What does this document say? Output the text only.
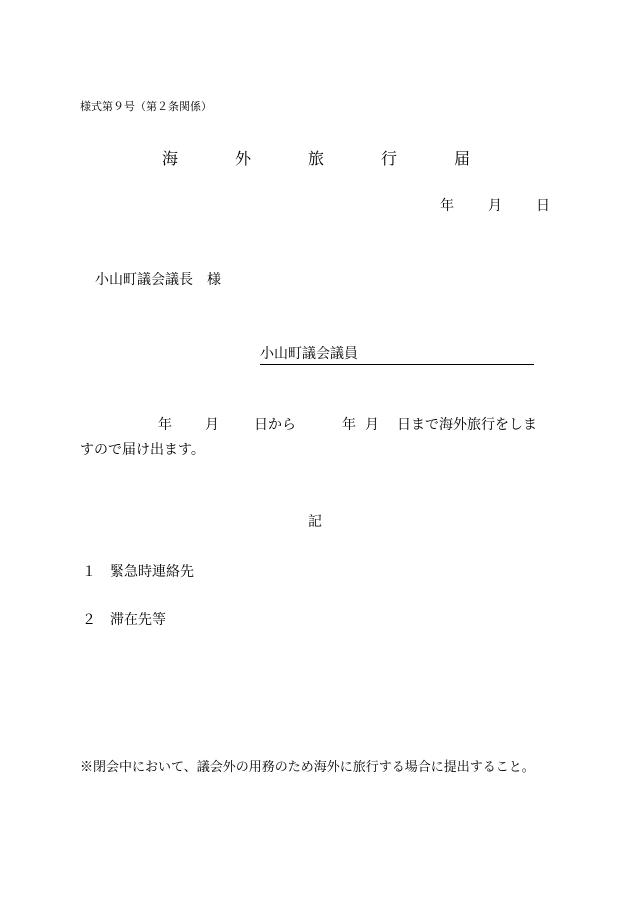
様式第９号（第２条関係）
海	外	旅	行	届
年 月 日
小山町議会議長　様
小山町議会議員
年 月	日から	年 月 日まで海外旅行をしま
すので届け出ます。
記
１ 緊急時連絡先
２ 滞在先等
※閉会中において、議会外の用務のため海外に旅行する場合に提出すること。
